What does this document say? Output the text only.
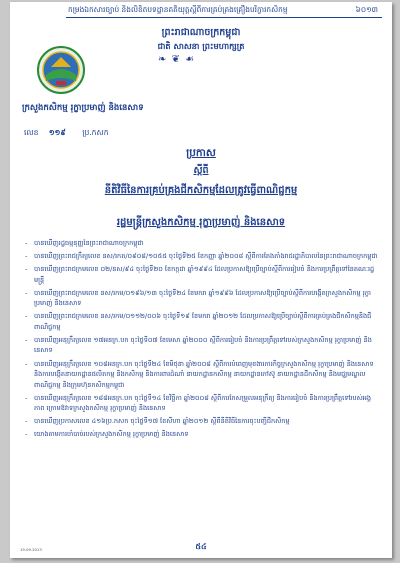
កម្រងឯកសារច្បាប់ និងលិខិតបទដ្ឋានគតិយុត្តស្តីពីការគ្រប់គ្រងគ្រឿងបរិក្ខារកសិកម្ម	៦០១៣
ព្រះរាជាណាចក្រកម្ពុជា
ជាតិ សាសនា ព្រះមហាក្សត្រ
❧ ❦ ☙
ក្រសួងកសិកម្ម រុក្ខាប្រមាញ់ និងនេសាទ
លេខ ១១៩ ប្រ.កសក
ប្រកាស
ស្តីពី
នីតិវិធីនៃការគ្រប់គ្រងជីកសិកម្មដែលត្រូវធ្វើពាណិជ្ជកម្ម
រដ្ឋមន្ត្រីក្រសួងកសិកម្ម រុក្ខាប្រមាញ់ និងនេសាទ
- បានឃើញរដ្ឋធម្មនុញ្ញនៃព្រះរាជាណាចក្រកម្ពុជា
- បានឃើញព្រះរាជក្រឹត្យលេខ នស/រកត/០៩០៨/១០៥៥ ចុះថ្ងៃទី២៥ ខែកញ្ញា ឆ្នាំ២០០៨ ស្តីពីការតែងតាំងរាជរដ្ឋាភិបាលនៃព្រះរាជាណាចក្រកម្ពុជា
- បានឃើញព្រះរាជក្រមលេខ ០២/នស/៩៤ ចុះថ្ងៃទី២០ ខែកក្កដា ឆ្នាំ១៩៩៤ ដែលប្រកាសឱ្យប្រើច្បាប់ស្តីពីការរៀបចំ និងការប្រព្រឹត្តទៅនៃគណៈរដ្ឋមន្ត្រី
- បានឃើញព្រះរាជក្រមលេខ នស/រកម/០១៩៦/១៣ ចុះថ្ងៃទី២៤ ខែមករា ឆ្នាំ១៩៩៦ ដែលប្រកាសឱ្យប្រើច្បាប់ស្តីពីការបង្កើតក្រសួងកសិកម្ម រុក្ខាប្រមាញ់ និងនេសាទ
- បានឃើញព្រះរាជក្រមលេខ នស/រកម/០១១២/០០៦ ចុះថ្ងៃទី១៩ ខែមករា ឆ្នាំ២០១២ ដែលប្រកាសឱ្យប្រើច្បាប់ស្តីពីការគ្រប់គ្រងជីកសិកម្មនិងជីពាណិជ្ជកម្ម
- បានឃើញអនុក្រឹត្យលេខ ១៧អនក្រ.បក ចុះថ្ងៃទី០៧ ខែមេសា ឆ្នាំ២០០០ ស្តីពីការរៀបចំ និងការប្រព្រឹត្តទៅរបស់ក្រសួងកសិកម្ម រុក្ខាប្រមាញ់ និងនេសាទ
- បានឃើញអនុក្រឹត្យលេខ ១០៨អនក្រ.បក ចុះថ្ងៃទី២៤ ខែមិថុនា ឆ្នាំ២០០៨ ស្តីពីការបំពេញមុខងារការកិច្ចក្រសួងកសិកម្ម រុក្ខាប្រមាញ់ និងនេសាទ និងការបង្កើតនាយកដ្ឋានផលិតកម្ម និងកសិកម្ម និងការពារដំណាំ នាយកដ្ឋានកសិកម្ម នាយកដ្ឋានកៅស៊ូ នាយកដ្ឋានដីកសិកម្ម និងមជ្ឈមណ្ឌលពាណិជ្ជកម្ម និងក្រុមហ៊ុនកសិកម្មកម្ពុជា
- បានឃើញអនុក្រឹត្យលេខ ១៨៨អនក្រ.បក ចុះថ្ងៃទី១៤ ខែវិច្ឆិកា ឆ្នាំ២០០៨ ស្តីពីការកែសម្រួលអនុក្រឹត្យ និងការរៀបចំ និងការប្រព្រឹត្តទៅរបស់អង្គភាព ក្រោមឱវាទក្រសួងកសិកម្ម រុក្ខាប្រមាញ់ និងនេសាទ
- បានឃើញប្រកាសលេខ ៤១៦ប្រ.កសក ចុះថ្ងៃទី១៧ ខែសីហា ឆ្នាំ២០១២ ស្តីពីនីតិវិធីនៃការចុះបញ្ជីជីកសិកម្ម
- យោងតាមការចាំបាច់របស់ក្រសួងកសិកម្ម រុក្ខាប្រមាញ់ និងនេសាទ
19.09.2013	៥៤
